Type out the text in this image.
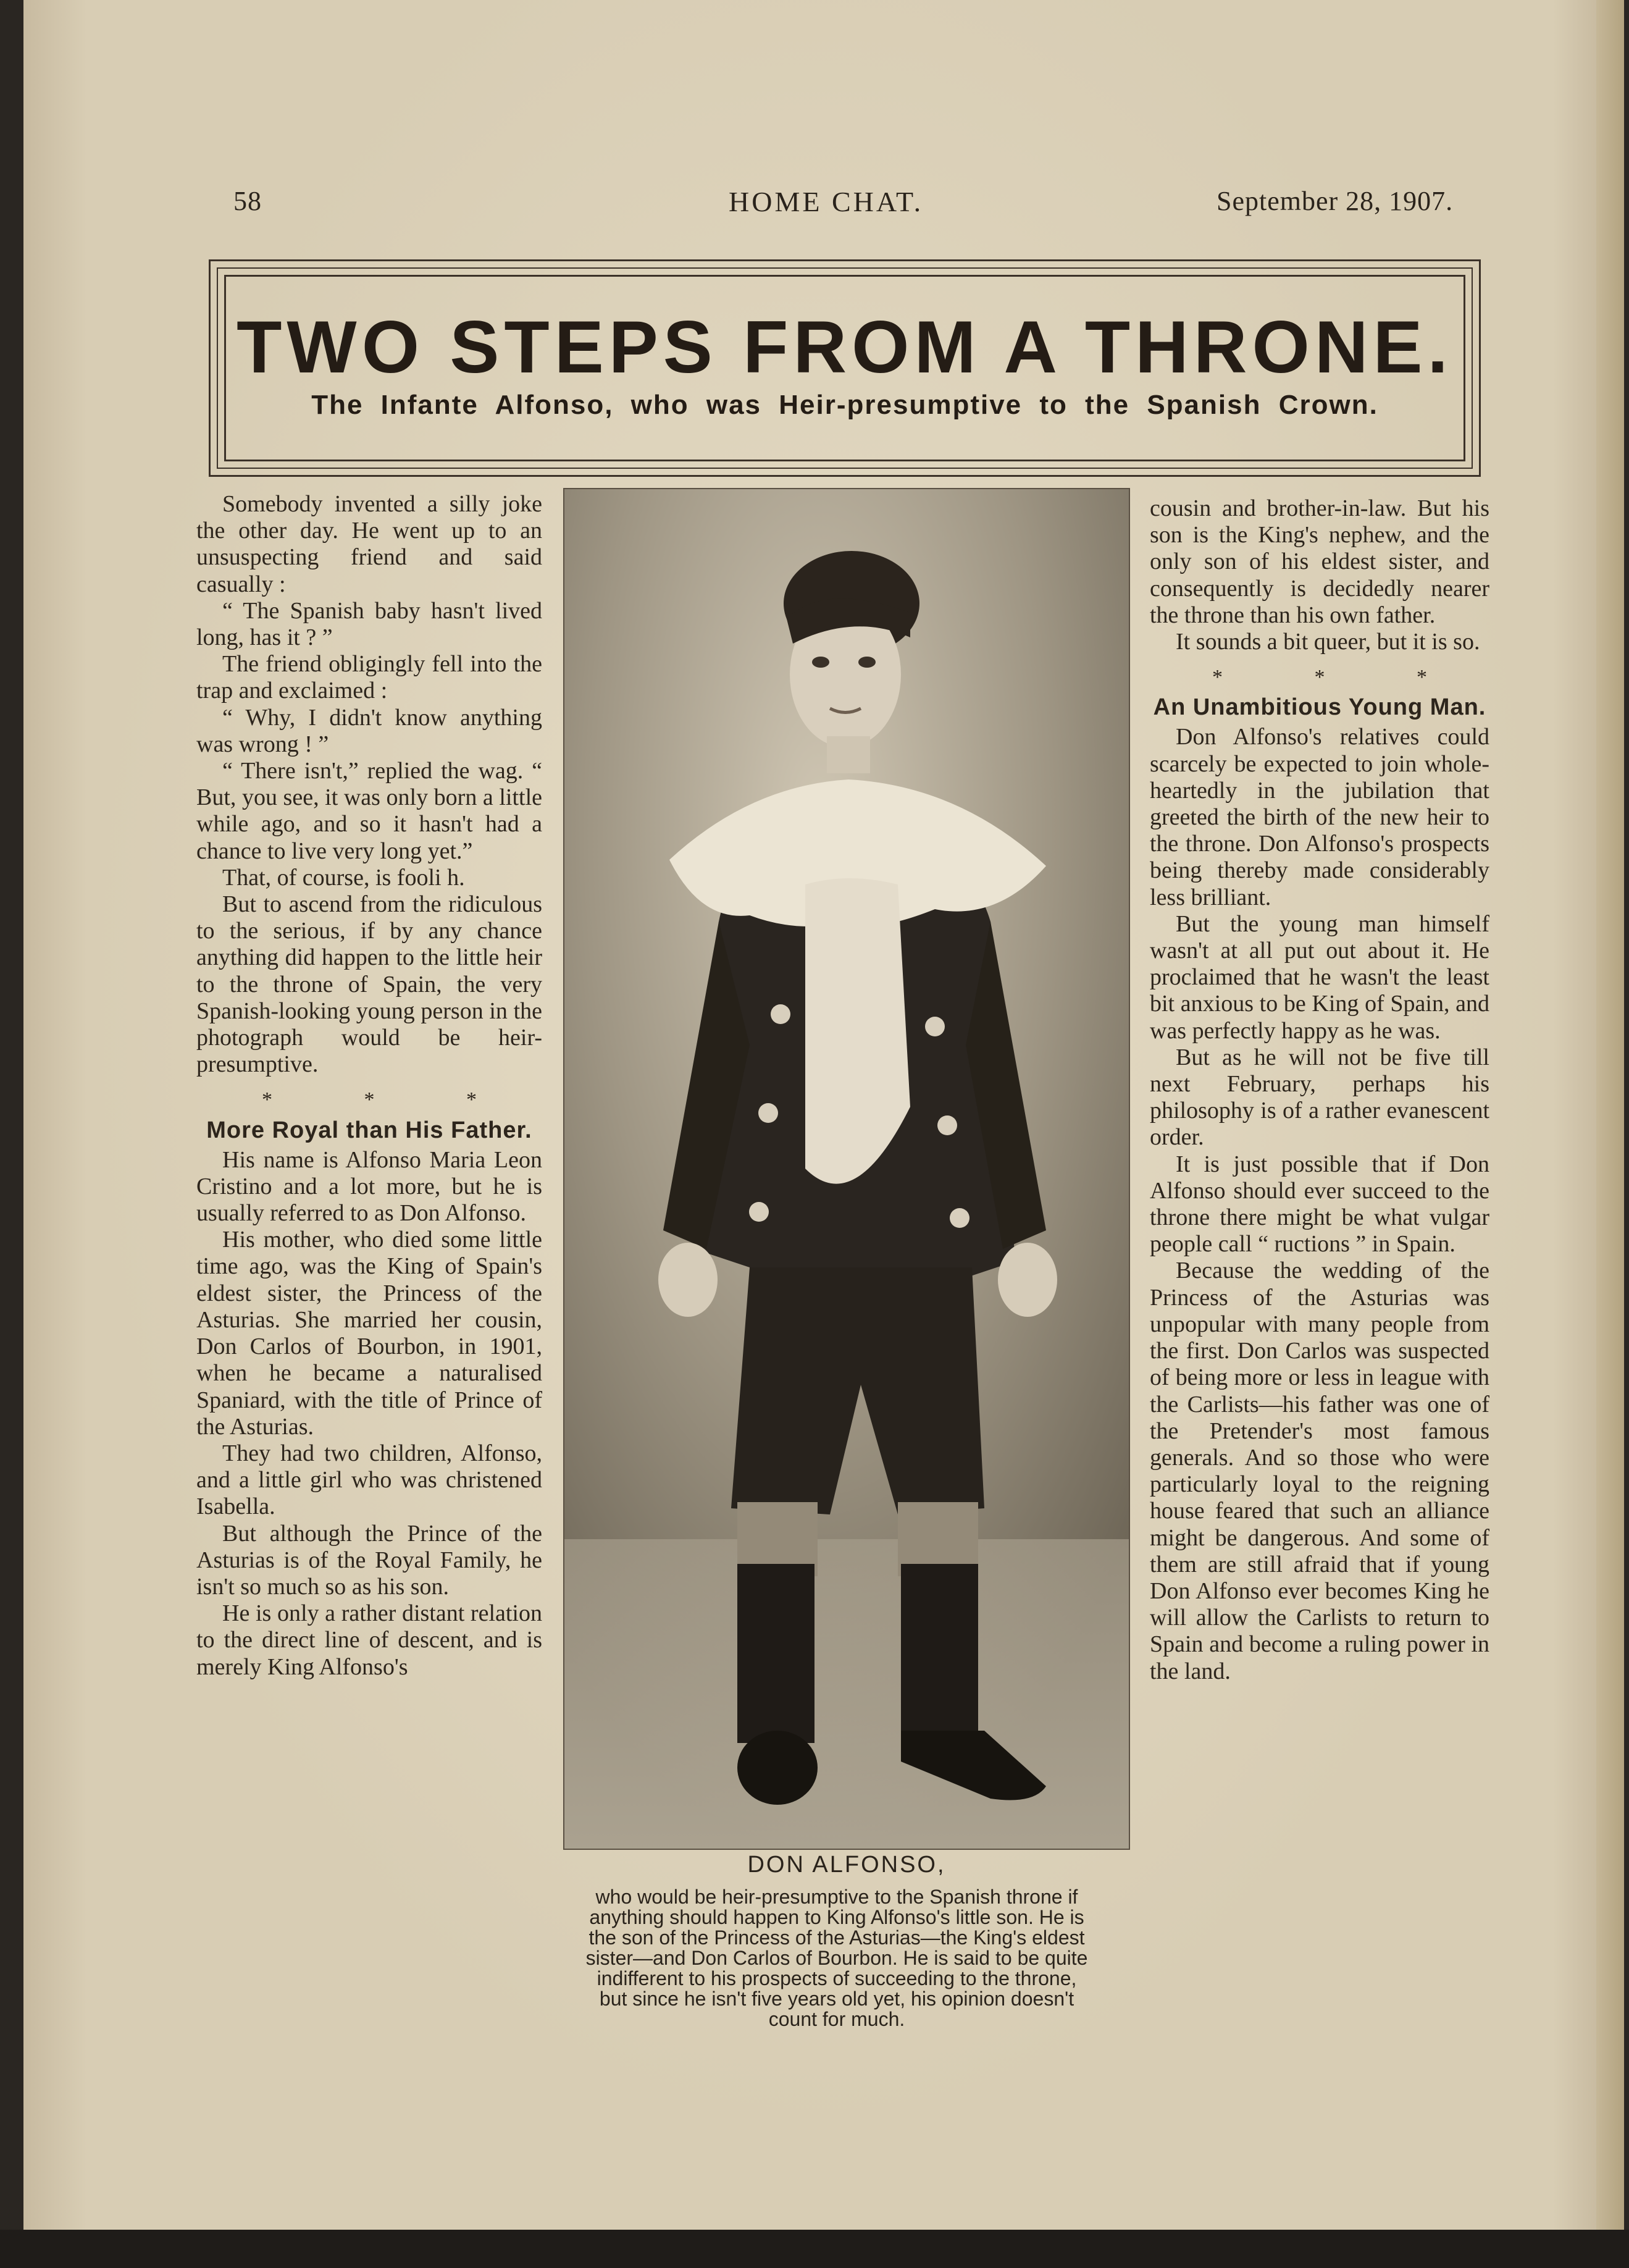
58	HOME CHAT.	September 28, 1907.
TWO STEPS FROM A THRONE.
The Infante Alfonso, who was Heir-presumptive to the Spanish Crown.

Somebody invented a silly joke the other day. He went up to an unsuspecting friend and said casually :

“ The Spanish baby hasn't lived long, has it ? ”

The friend obligingly fell into the trap and exclaimed :

“ Why, I didn't know anything was wrong ! ”

“ There isn't,” replied the wag. “ But, you see, it was only born a little while ago, and so it hasn't had a chance to live very long yet.”

That, of course, is fooli h.

But to ascend from the ridiculous to the serious, if by any chance anything did happen to the little heir to the throne of Spain, the very Spanish-looking young person in the photograph would be heir-presumptive.

* * *
More Royal than His Father.

His name is Alfonso Maria Leon Cristino and a lot more, but he is usually referred to as Don Alfonso.

His mother, who died some little time ago, was the King of Spain's eldest sister, the Princess of the Asturias. She married her cousin, Don Carlos of Bourbon, in 1901, when he became a naturalised Spaniard, with the title of Prince of the Asturias.

They had two children, Alfonso, and a little girl who was christened Isabella.

But although the Prince of the Asturias is of the Royal Family, he isn't so much so as his son.

He is only a rather distant relation to the direct line of descent, and is merely King Alfonso's

DON ALFONSO,
who would be heir-presumptive to the Spanish throne if anything should happen to King Alfonso's little son. He is the son of the Princess of the Asturias—the King's eldest sister—and Don Carlos of Bourbon. He is said to be quite indifferent to his prospects of succeeding to the throne, but since he isn't five years old yet, his opinion doesn't count for much.

cousin and brother-in-law. But his son is the King's nephew, and the only son of his eldest sister, and consequently is decidedly nearer the throne than his own father.

It sounds a bit queer, but it is so.

* * *
An Unambitious Young Man.

Don Alfonso's relatives could scarcely be expected to join whole-heartedly in the jubilation that greeted the birth of the new heir to the throne. Don Alfonso's prospects being thereby made considerably less brilliant.

But the young man himself wasn't at all put out about it. He proclaimed that he wasn't the least bit anxious to be King of Spain, and was perfectly happy as he was.

But as he will not be five till next February, perhaps his philosophy is of a rather evanescent order.

It is just possible that if Don Alfonso should ever succeed to the throne there might be what vulgar people call “ ructions ” in Spain.

Because the wedding of the Princess of the Asturias was unpopular with many people from the first. Don Carlos was suspected of being more or less in league with the Carlists—his father was one of the Pretender's most famous generals. And so those who were particularly loyal to the reigning house feared that such an alliance might be dangerous. And some of them are still afraid that if young Don Alfonso ever becomes King he will allow the Carlists to return to Spain and become a ruling power in the land.
